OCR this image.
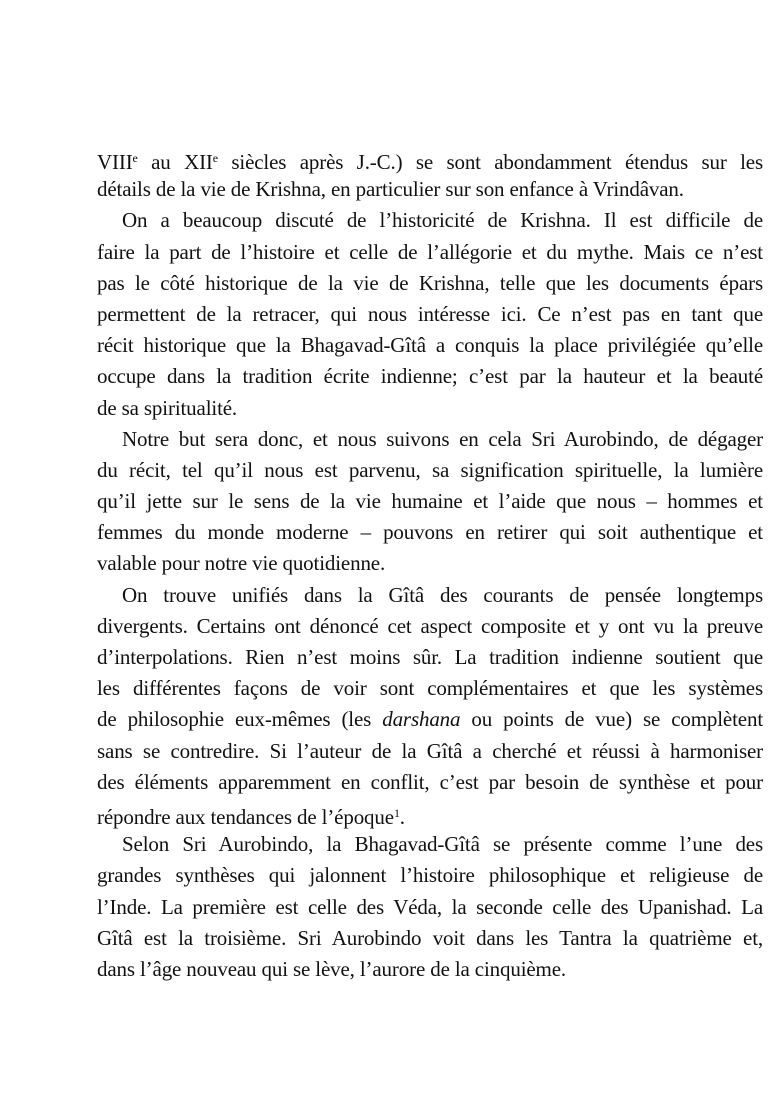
VIIIe au XIIe siècles après J.-C.) se sont abondamment étendus sur les
détails de la vie de Krishna, en particulier sur son enfance à Vrindâvan.
On a beaucoup discuté de l’historicité de Krishna. Il est difficile de
faire la part de l’histoire et celle de l’allégorie et du mythe. Mais ce n’est
pas le côté historique de la vie de Krishna, telle que les documents épars
permettent de la retracer, qui nous intéresse ici. Ce n’est pas en tant que
récit historique que la Bhagavad-Gîtâ a conquis la place privilégiée qu’elle
occupe dans la tradition écrite indienne; c’est par la hauteur et la beauté
de sa spiritualité.
Notre but sera donc, et nous suivons en cela Sri Aurobindo, de dégager
du récit, tel qu’il nous est parvenu, sa signification spirituelle, la lumière
qu’il jette sur le sens de la vie humaine et l’aide que nous – hommes et
femmes du monde moderne – pouvons en retirer qui soit authentique et
valable pour notre vie quotidienne.
On trouve unifiés dans la Gîtâ des courants de pensée longtemps
divergents. Certains ont dénoncé cet aspect composite et y ont vu la preuve
d’interpolations. Rien n’est moins sûr. La tradition indienne soutient que
les différentes façons de voir sont complémentaires et que les systèmes
de philosophie eux-mêmes (les darshana ou points de vue) se complètent
sans se contredire. Si l’auteur de la Gîtâ a cherché et réussi à harmoniser
des éléments apparemment en conflit, c’est par besoin de synthèse et pour
répondre aux tendances de l’époque$^1$.
Selon Sri Aurobindo, la Bhagavad-Gîtâ se présente comme l’une des
grandes synthèses qui jalonnent l’histoire philosophique et religieuse de
l’Inde. La première est celle des Véda, la seconde celle des Upanishad. La
Gîtâ est la troisième. Sri Aurobindo voit dans les Tantra la quatrième et,
dans l’âge nouveau qui se lève, l’aurore de la cinquième.
